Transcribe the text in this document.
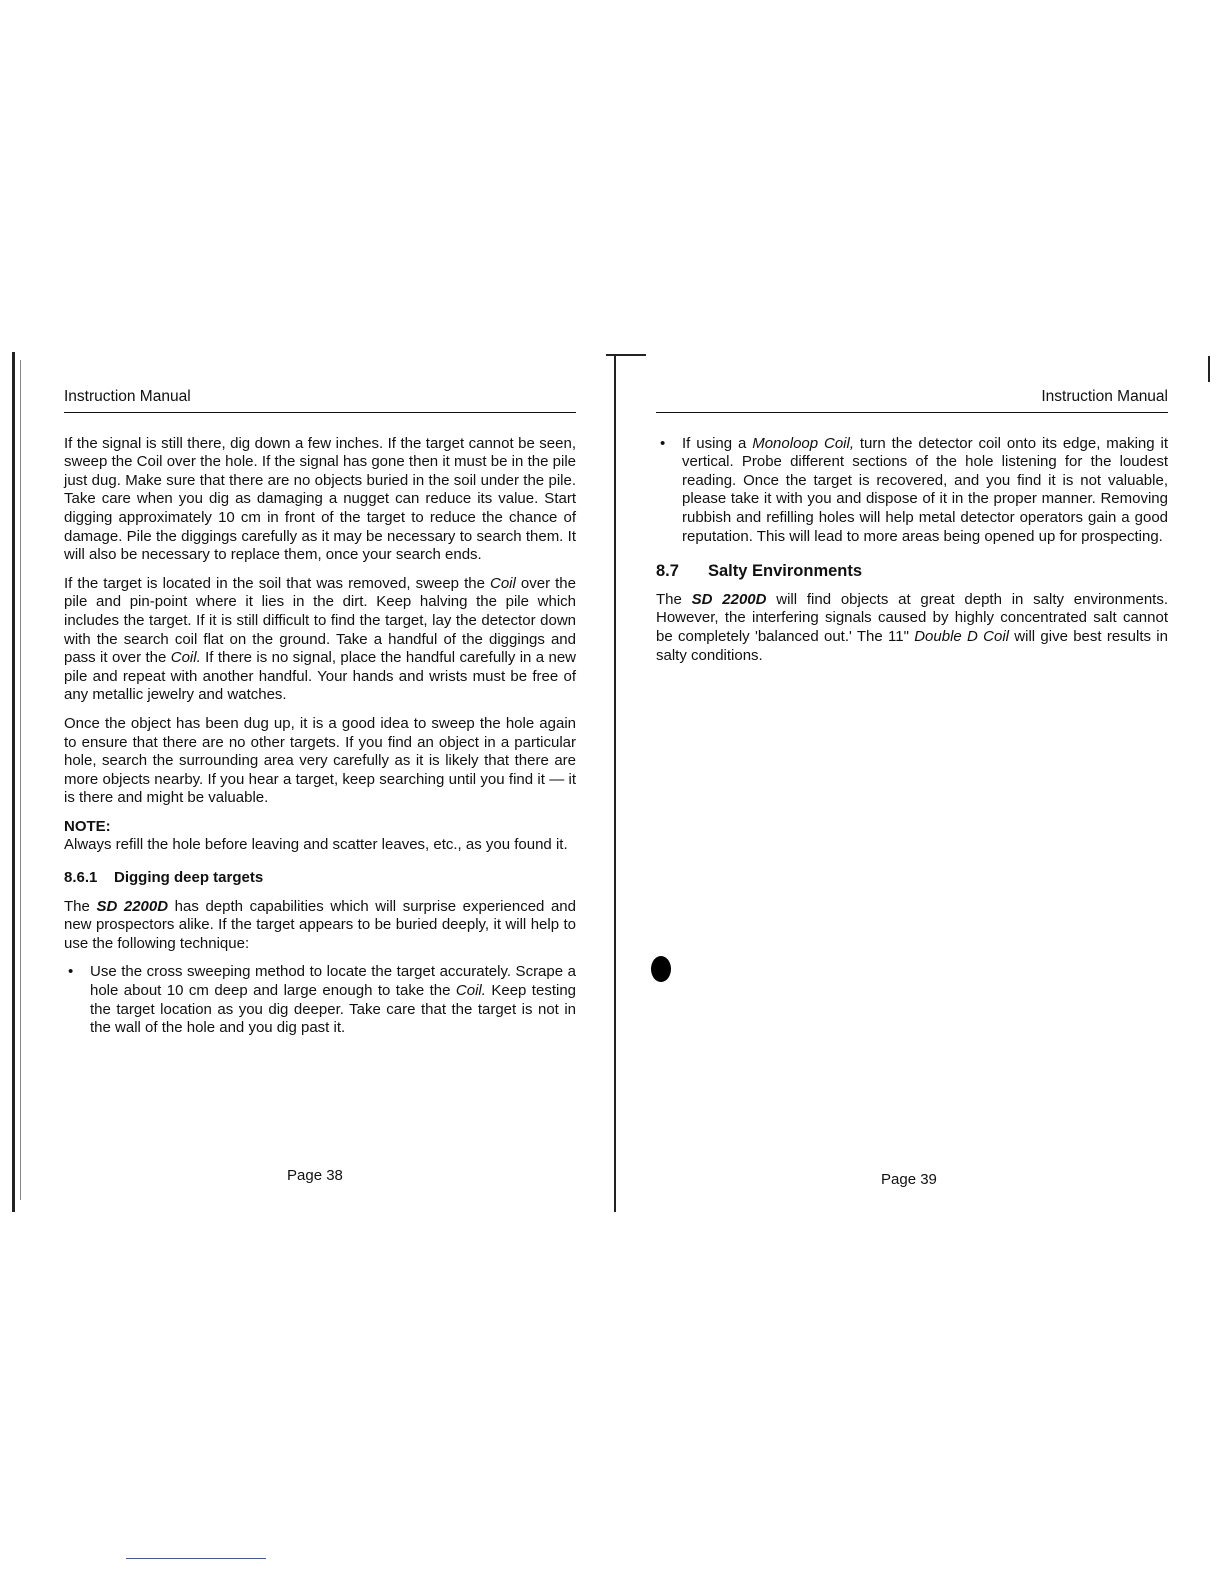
Instruction Manual

If the signal is still there, dig down a few inches. If the target cannot be seen, sweep the Coil over the hole. If the signal has gone then it must be in the pile just dug. Make sure that there are no objects buried in the soil under the pile. Take care when you dig as damaging a nugget can reduce its value. Start digging approximately 10 cm in front of the target to reduce the chance of damage. Pile the diggings carefully as it may be necessary to search them. It will also be necessary to replace them, once your search ends.

If the target is located in the soil that was removed, sweep the Coil over the pile and pin-point where it lies in the dirt. Keep halving the pile which includes the target. If it is still difficult to find the target, lay the detector down with the search coil flat on the ground. Take a handful of the diggings and pass it over the Coil. If there is no signal, place the handful carefully in a new pile and repeat with another handful. Your hands and wrists must be free of any metallic jewelry and watches.

Once the object has been dug up, it is a good idea to sweep the hole again to ensure that there are no other targets. If you find an object in a particular hole, search the surrounding area very carefully as it is likely that there are more objects nearby. If you hear a target, keep searching until you find it — it is there and might be valuable.

NOTE:

Always refill the hole before leaving and scatter leaves, etc., as you found it.

8.6.1 Digging deep targets

The SD 2200D has depth capabilities which will surprise experienced and new prospectors alike. If the target appears to be buried deeply, it will help to use the following technique:

• Use the cross sweeping method to locate the target accurately. Scrape a hole about 10 cm deep and large enough to take the Coil. Keep testing the target location as you dig deeper. Take care that the target is not in the wall of the hole and you dig past it.
Page 38
Instruction Manual
• If using a Monoloop Coil, turn the detector coil onto its edge, making it vertical. Probe different sections of the hole listening for the loudest reading. Once the target is recovered, and you find it is not valuable, please take it with you and dispose of it in the proper manner. Removing rubbish and refilling holes will help metal detector operators gain a good reputation. This will lead to more areas being opened up for prospecting.
8.7 Salty Environments

The SD 2200D will find objects at great depth in salty environments. However, the interfering signals caused by highly concentrated salt cannot be completely 'balanced out.' The 11" Double D Coil will give best results in salty conditions.

Page 39
